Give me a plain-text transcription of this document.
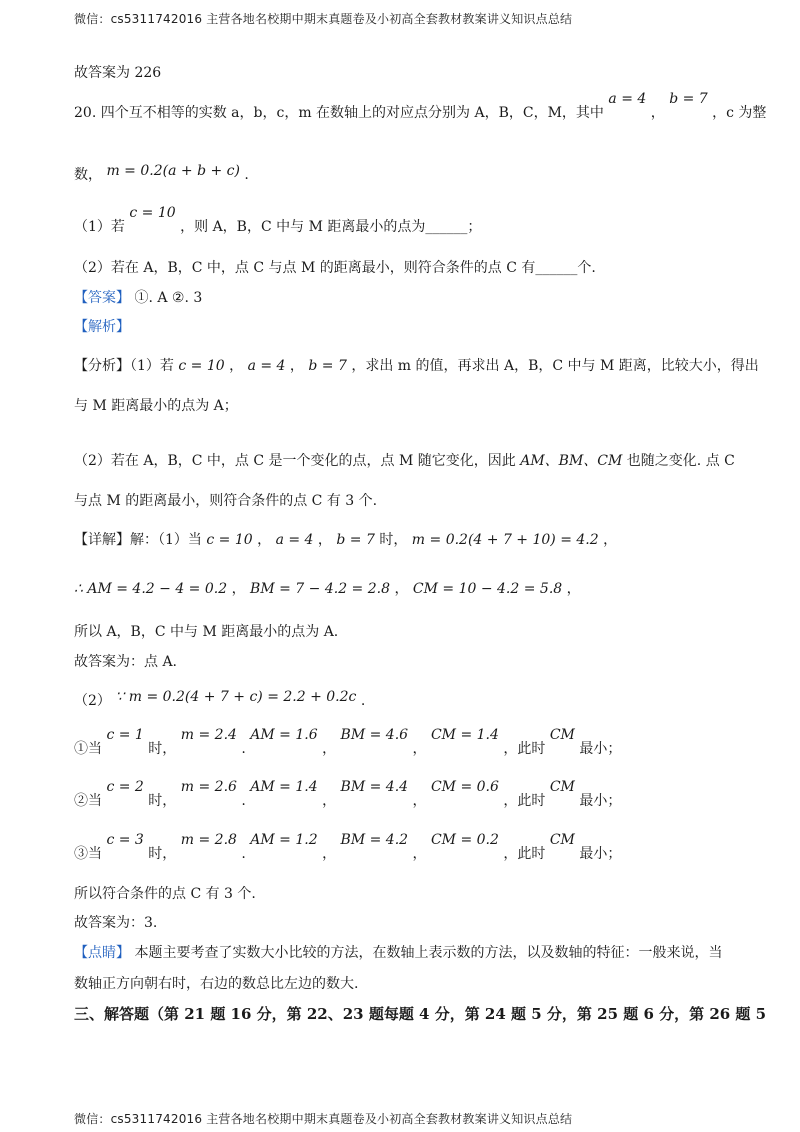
微信：cs5311742016 主营各地名校期中期末真题卷及小初高全套教材教案讲义知识点总结
故答案为 226
20. 四个互不相等的实数 a，b，c，m 在数轴上的对应点分别为 A，B，C，M，其中 a = 4 ， b = 7 ，c 为整
数， m = 0.2(a + b + c) .
（1）若 c = 10 ，则 A，B，C 中与 M 距离最小的点为______；
（2）若在 A，B，C 中，点 C 与点 M 的距离最小，则符合条件的点 C 有______个.
【答案】 ①. A ②. 3
【解析】
【分析】（1）若 c = 10 ， a = 4 ， b = 7 ，求出 m 的值，再求出 A，B，C 中与 M 距离，比较大小，得出
与 M 距离最小的点为 A；
（2）若在 A，B，C 中，点 C 是一个变化的点，点 M 随它变化，因此 AM、BM、CM 也随之变化. 点 C
与点 M 的距离最小，则符合条件的点 C 有 3 个.
【详解】解：（1）当 c = 10 ， a = 4 ， b = 7 时， m = 0.2(4 + 7 + 10) = 4.2 ，
∴ AM = 4.2 − 4 = 0.2 ， BM = 7 − 4.2 = 2.8 ， CM = 10 − 4.2 = 5.8 ，
所以 A，B，C 中与 M 距离最小的点为 A.
故答案为：点 A.
（2） ∵ m = 0.2(4 + 7 + c) = 2.2 + 0.2c .
①当 c = 1 时， m = 2.4 . AM = 1.6 ， BM = 4.6 ， CM = 1.4 ，此时 CM 最小；
②当 c = 2 时， m = 2.6 . AM = 1.4 ， BM = 4.4 ， CM = 0.6 ，此时 CM 最小；
③当 c = 3 时， m = 2.8 . AM = 1.2 ， BM = 4.2 ， CM = 0.2 ，此时 CM 最小；
所以符合条件的点 C 有 3 个.
故答案为：3.
【点睛】 本题主要考查了实数大小比较的方法，在数轴上表示数的方法，以及数轴的特征：一般来说，当
数轴正方向朝右时，右边的数总比左边的数大.
三、解答题（第 21 题 16 分，第 22、23 题每题 4 分，第 24 题 5 分，第 25 题 6 分，第 26 题 5
微信：cs5311742016 主营各地名校期中期末真题卷及小初高全套教材教案讲义知识点总结
